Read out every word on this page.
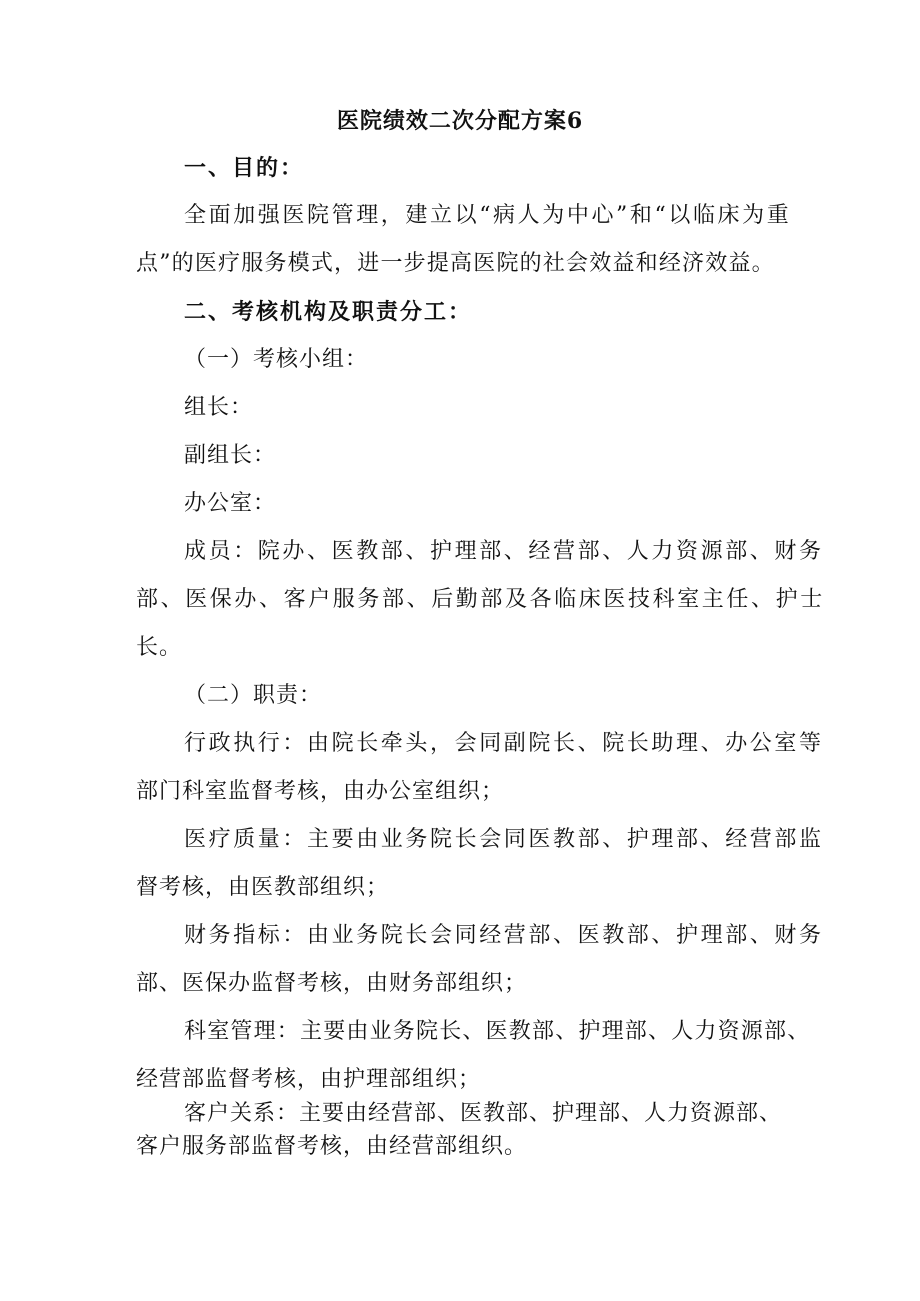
医院绩效二次分配方案6
一、目的：
全面加强医院管理，建立以“病人为中心”和“以临床为重
点”的医疗服务模式，进一步提高医院的社会效益和经济效益。
二、考核机构及职责分工：
（一）考核小组：
组长：
副组长：
办公室：
成员：院办、医教部、护理部、经营部、人力资源部、财务
部、医保办、客户服务部、后勤部及各临床医技科室主任、护士
长。
（二）职责：
行政执行：由院长牵头，会同副院长、院长助理、办公室等
部门科室监督考核，由办公室组织；
医疗质量：主要由业务院长会同医教部、护理部、经营部监
督考核，由医教部组织；
财务指标：由业务院长会同经营部、医教部、护理部、财务
部、医保办监督考核，由财务部组织；
科室管理：主要由业务院长、医教部、护理部、人力资源部、
经营部监督考核，由护理部组织；
客户关系：主要由经营部、医教部、护理部、人力资源部、
客户服务部监督考核，由经营部组织。
